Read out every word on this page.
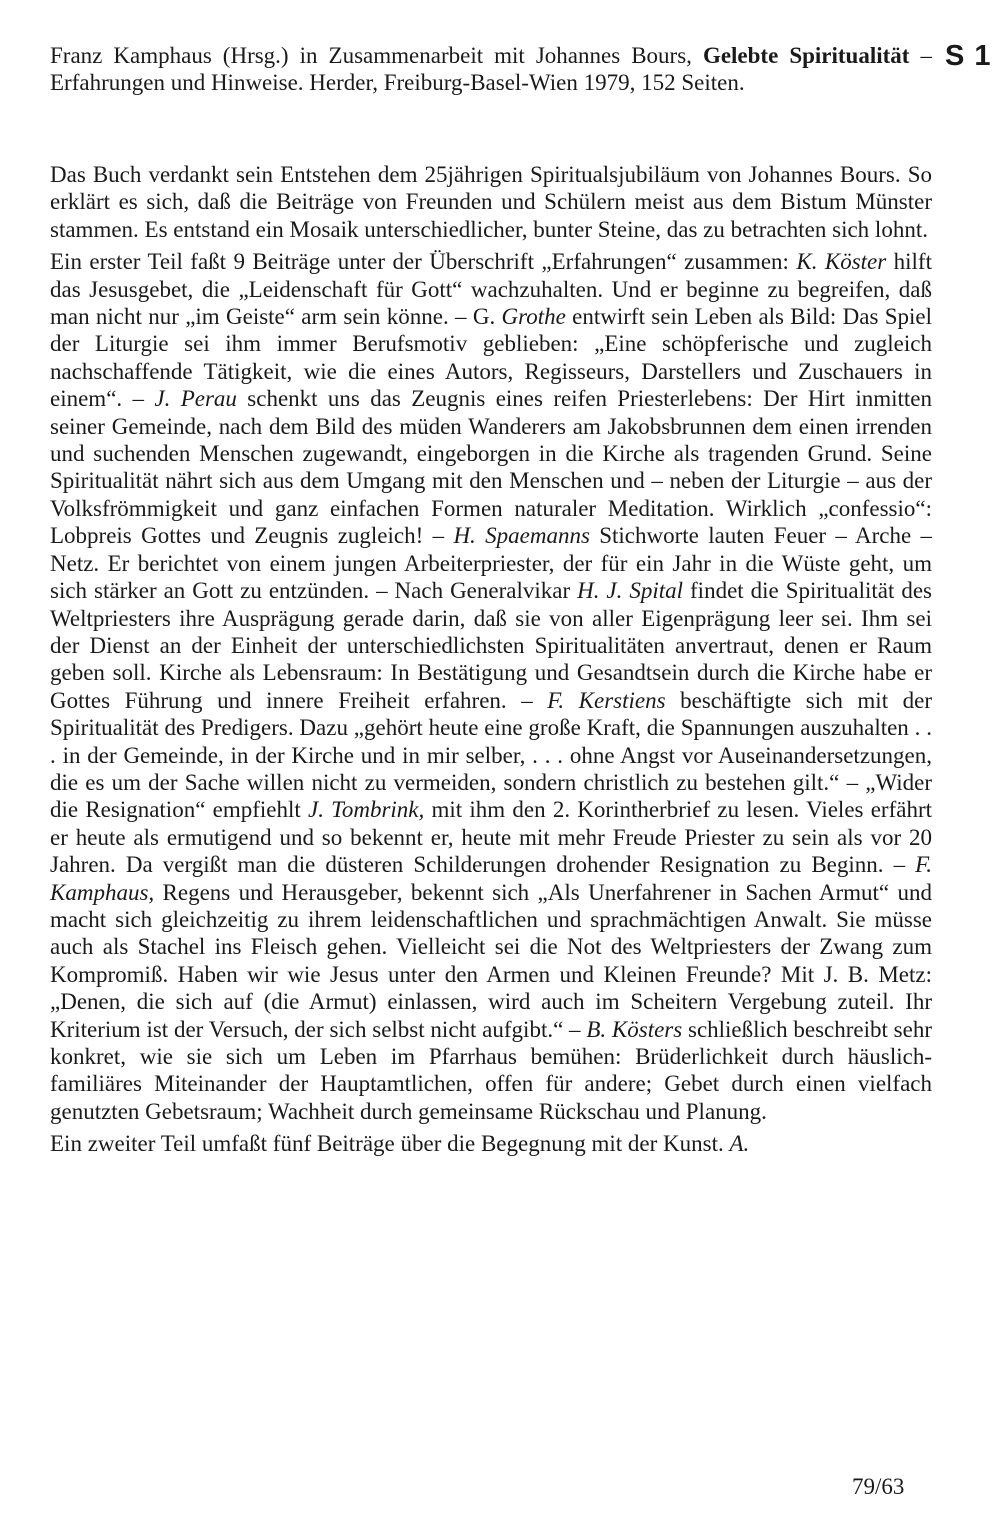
S 1

Franz Kamphaus (Hrsg.) in Zusammenarbeit mit Johannes Bours, Gelebte Spiritualität – Erfahrungen und Hinweise. Herder, Freiburg-Basel-Wien 1979, 152 Seiten.

Das Buch verdankt sein Entstehen dem 25jährigen Spiritualsjubiläum von Johannes Bours. So erklärt es sich, daß die Beiträge von Freunden und Schülern meist aus dem Bistum Münster stammen. Es entstand ein Mosaik unterschiedlicher, bunter Steine, das zu betrachten sich lohnt.

Ein erster Teil faßt 9 Beiträge unter der Überschrift „Erfahrungen“ zusammen: K. Köster hilft das Jesusgebet, die „Leidenschaft für Gott“ wachzuhalten. Und er beginne zu begreifen, daß man nicht nur „im Geiste“ arm sein könne. – G. Grothe entwirft sein Leben als Bild: Das Spiel der Liturgie sei ihm immer Berufsmotiv geblieben: „Eine schöpferische und zugleich nachschaffende Tätigkeit, wie die eines Autors, Regisseurs, Darstellers und Zuschauers in einem“. – J. Perau schenkt uns das Zeugnis eines reifen Priesterlebens: Der Hirt inmitten seiner Gemeinde, nach dem Bild des müden Wanderers am Jakobsbrunnen dem einen irrenden und suchenden Menschen zugewandt, eingeborgen in die Kirche als tragenden Grund. Seine Spiritualität nährt sich aus dem Umgang mit den Menschen und – neben der Liturgie – aus der Volksfrömmigkeit und ganz einfachen Formen naturaler Meditation. Wirklich „confessio“: Lobpreis Gottes und Zeugnis zugleich! – H. Spaemanns Stichworte lauten Feuer – Arche – Netz. Er berichtet von einem jungen Arbeiterpriester, der für ein Jahr in die Wüste geht, um sich stärker an Gott zu entzünden. – Nach Generalvikar H. J. Spital findet die Spiritualität des Weltpriesters ihre Ausprägung gerade darin, daß sie von aller Eigenprägung leer sei. Ihm sei der Dienst an der Einheit der unterschiedlichsten Spiritualitäten anvertraut, denen er Raum geben soll. Kirche als Lebensraum: In Bestätigung und Gesandtsein durch die Kirche habe er Gottes Führung und innere Freiheit erfahren. – F. Kerstiens beschäftigte sich mit der Spiritualität des Predigers. Dazu „gehört heute eine große Kraft, die Spannungen auszuhalten . . . in der Gemeinde, in der Kirche und in mir selber, . . . ohne Angst vor Auseinandersetzungen, die es um der Sache willen nicht zu vermeiden, sondern christlich zu bestehen gilt.“ – „Wider die Resignation“ empfiehlt J. Tombrink, mit ihm den 2. Korintherbrief zu lesen. Vieles erfährt er heute als ermutigend und so bekennt er, heute mit mehr Freude Priester zu sein als vor 20 Jahren. Da vergißt man die düsteren Schilderungen drohender Resignation zu Beginn. – F. Kamphaus, Regens und Herausgeber, bekennt sich „Als Unerfahrener in Sachen Armut“ und macht sich gleichzeitig zu ihrem leidenschaftlichen und sprachmächtigen Anwalt. Sie müsse auch als Stachel ins Fleisch gehen. Vielleicht sei die Not des Weltpriesters der Zwang zum Kompromiß. Haben wir wie Jesus unter den Armen und Kleinen Freunde? Mit J. B. Metz: „Denen, die sich auf (die Armut) einlassen, wird auch im Scheitern Vergebung zuteil. Ihr Kriterium ist der Versuch, der sich selbst nicht aufgibt.“ – B. Kösters schließlich beschreibt sehr konkret, wie sie sich um Leben im Pfarrhaus bemühen: Brüderlichkeit durch häuslich-familiäres Miteinander der Hauptamtlichen, offen für andere; Gebet durch einen vielfach genutzten Gebetsraum; Wachheit durch gemeinsame Rückschau und Planung.

Ein zweiter Teil umfaßt fünf Beiträge über die Begegnung mit der Kunst. A.

79/63
